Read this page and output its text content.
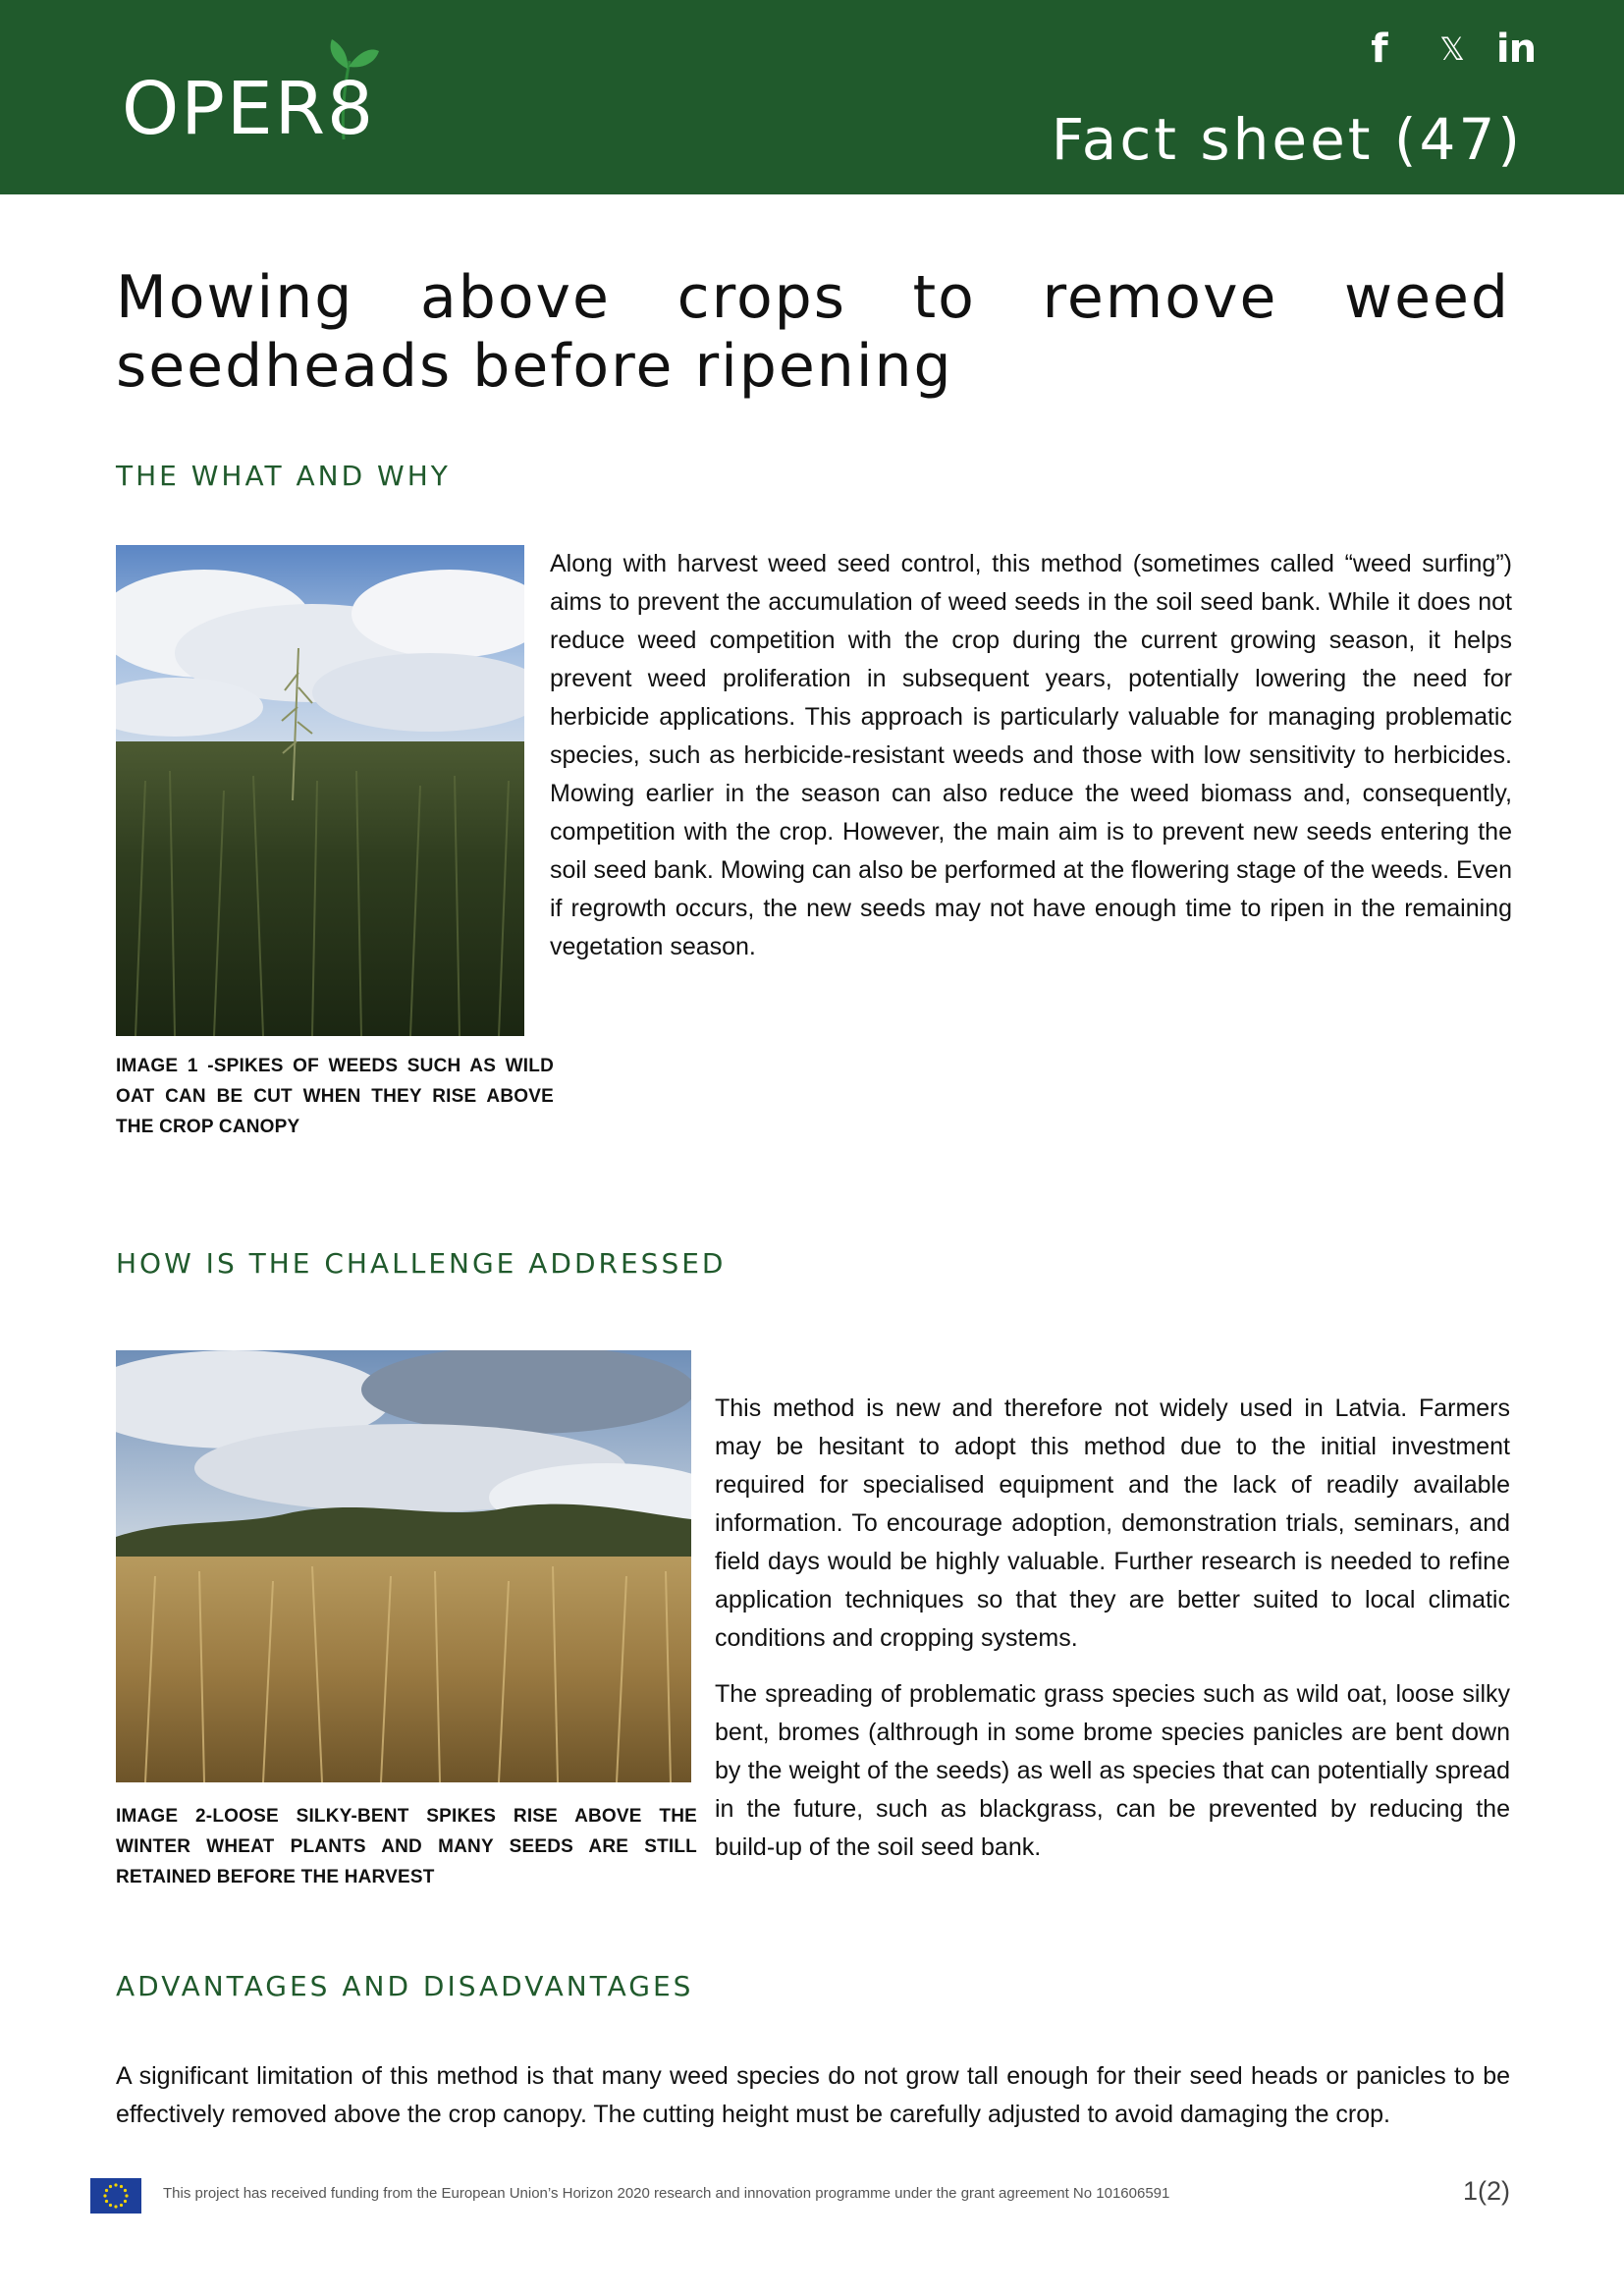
OPER8
f 𝕏 in
Fact sheet (47)
Mowing above crops to remove weed seedheads before ripening
THE WHAT AND WHY

Along with harvest weed seed control, this method (sometimes called “weed surfing”) aims to prevent the accumulation of weed seeds in the soil seed bank. While it does not reduce weed competition with the crop during the current growing season, it helps prevent weed proliferation in subsequent years, potentially lowering the need for herbicide applications. This approach is particularly valuable for managing problematic species, such as herbicide-resistant weeds and those with low sensitivity to herbicides. Mowing earlier in the season can also reduce the weed biomass and, consequently, competition with the crop. However, the main aim is to prevent new seeds entering the soil seed bank. Mowing can also be performed at the flowering stage of the weeds. Even if regrowth occurs, the new seeds may not have enough time to ripen in the remaining vegetation season.

IMAGE 1 -SPIKES OF WEEDS SUCH AS WILD OAT CAN BE CUT WHEN THEY RISE ABOVE THE CROP CANOPY
HOW IS THE CHALLENGE ADDRESSED
IMAGE 2-LOOSE SILKY-BENT SPIKES RISE ABOVE THE WINTER WHEAT PLANTS AND MANY SEEDS ARE STILL RETAINED BEFORE THE HARVEST

This method is new and therefore not widely used in Latvia. Farmers may be hesitant to adopt this method due to the initial investment required for specialised equipment and the lack of readily available information. To encourage adoption, demonstration trials, seminars, and field days would be highly valuable. Further research is needed to refine application techniques so that they are better suited to local climatic conditions and cropping systems.

The spreading of problematic grass species such as wild oat, loose silky bent, bromes (althrough in some brome species panicles are bent down by the weight of the seeds) as well as species that can potentially spread in the future, such as blackgrass, can be prevented by reducing the build-up of the soil seed bank.

ADVANTAGES AND DISADVANTAGES

A significant limitation of this method is that many weed species do not grow tall enough for their seed heads or panicles to be effectively removed above the crop canopy. The cutting height must be carefully adjusted to avoid damaging the crop.

This project has received funding from the European Union’s Horizon 2020 research and innovation programme under the grant agreement No 101606591	1(2)
